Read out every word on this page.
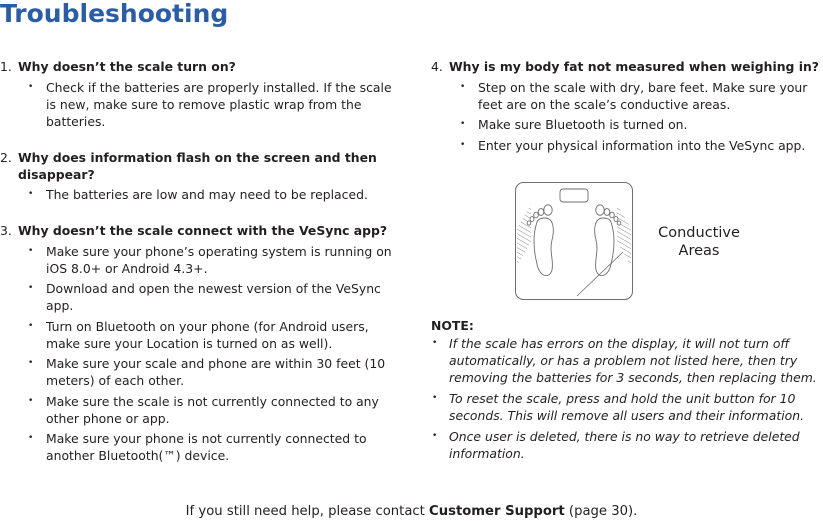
Troubleshooting

1. Why doesn’t the scale turn on?

• Check if the batteries are properly installed. If the scale is new, make sure to remove plastic wrap from the batteries.

2. Why does information flash on the screen and then disappear?

• The batteries are low and may need to be replaced.

3. Why doesn’t the scale connect with the VeSync app?

• Make sure your phone’s operating system is running on iOS 8.0+ or Android 4.3+.
• Download and open the newest version of the VeSync app.
• Turn on Bluetooth on your phone (for Android users, make sure your Location is turned on as well).
• Make sure your scale and phone are within 30 feet (10 meters) of each other.
• Make sure the scale is not currently connected to any other phone or app.
• Make sure your phone is not currently connected to another Bluetooth(™) device.

4. Why is my body fat not measured when weighing in?

• Step on the scale with dry, bare feet. Make sure your feet are on the scale’s conductive areas.
• Make sure Bluetooth is turned on.
• Enter your physical information into the VeSync app.
Conductive
Areas

NOTE:

• If the scale has errors on the display, it will not turn off automatically, or has a problem not listed here, then try removing the batteries for 3 seconds, then replacing them.
• To reset the scale, press and hold the unit button for 10 seconds. This will remove all users and their information.
• Once user is deleted, there is no way to retrieve deleted information.
If you still need help, please contact Customer Support (page 30).
